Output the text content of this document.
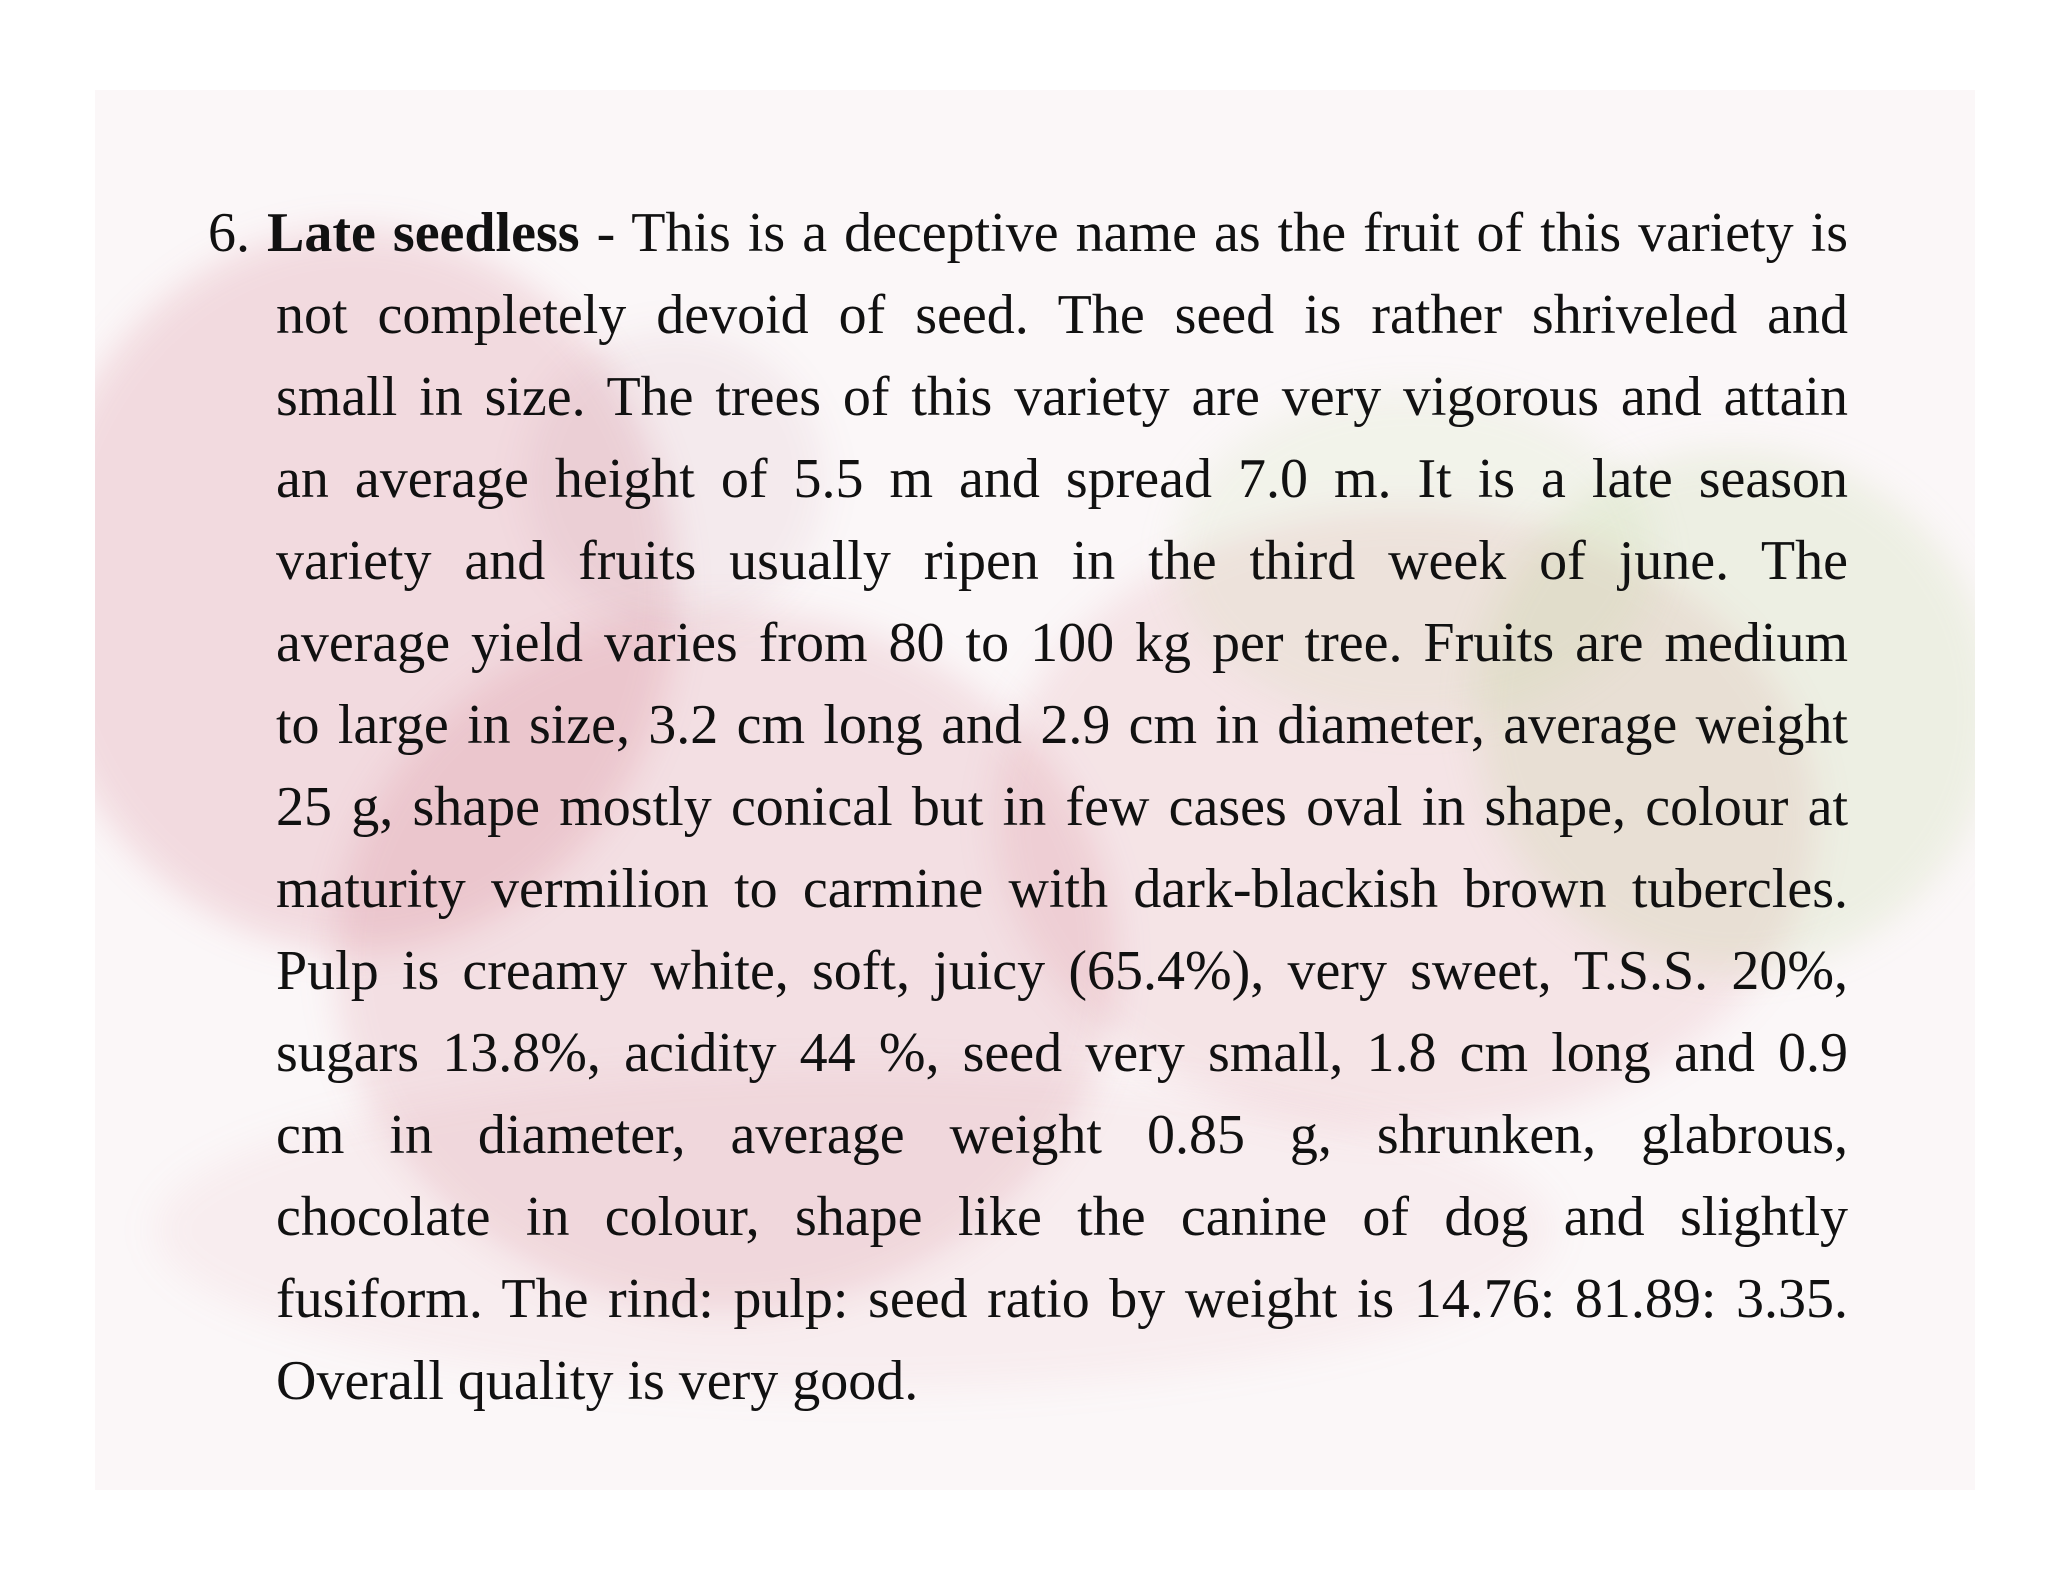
6. Late seedless - This is a deceptive name as the fruit of this variety is
not completely devoid of seed. The seed is rather shriveled and
small in size. The trees of this variety are very vigorous and attain
an average height of 5.5 m and spread 7.0 m. It is a late season
variety and fruits usually ripen in the third week of june. The
average yield varies from 80 to 100 kg per tree. Fruits are medium
to large in size, 3.2 cm long and 2.9 cm in diameter, average weight
25 g, shape mostly conical but in few cases oval in shape, colour at
maturity vermilion to carmine with dark-blackish brown tubercles.
Pulp is creamy white, soft, juicy (65.4%), very sweet, T.S.S. 20%,
sugars 13.8%, acidity 44 %, seed very small, 1.8 cm long and 0.9
cm in diameter, average weight 0.85 g, shrunken, glabrous,
chocolate in colour, shape like the canine of dog and slightly
fusiform. The rind: pulp: seed ratio by weight is 14.76: 81.89: 3.35.
Overall quality is very good.
